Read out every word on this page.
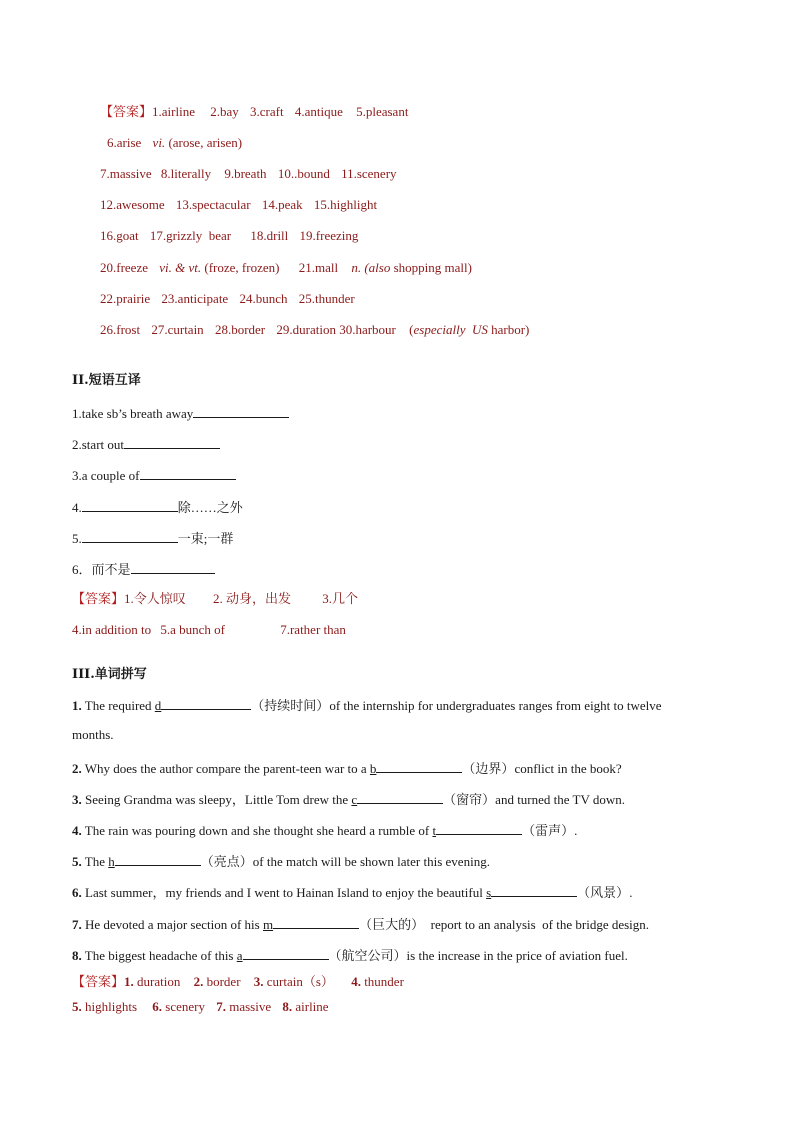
【答案】1.airline 2.bay 3.craft 4.antique 5.pleasant
6.arise vi. (arose, arisen)
7.massive 8.literally 9.breath 10..bound 11.scenery
12.awesome 13.spectacular 14.peak 15.highlight
16.goat 17.grizzly  bear 18.drill 19.freezing
20.freeze vi. & vt. (froze, frozen) 21.mall n. (also shopping mall)
22.prairie 23.anticipate 24.bunch 25.thunder
26.frost 27.curtain 28.border 29.duration 30.harbour (especially  US harbor)
II.短语互译
1.take sb’s breath away
2.start out
3.a couple of
4.	除……之外
5.	一束;一群
6．而不是
【答案】1.令人惊叹 2. 动身，出发 3.几个
4.in addition to 5.a bunch of	7.rather than
III.单词拼写
1. The required d	（持续时间）of the internship for undergraduates ranges from eight to twelve
months.
2. Why does the author compare the parent-teen war to a b	（边界）conflict in the book?
3. Seeing Grandma was sleepy，Little Tom drew the c	（窗帘）and turned the TV down.
4. The rain was pouring down and she thought she heard a rumble of t	（雷声）.
5. The h	（亮点）of the match will be shown later this evening.
6. Last summer，my friends and I went to Hainan Island to enjoy the beautiful s	（风景）.
7. He devoted a major section of his m	（巨大的）  report to an analysis  of the bridge design.
8. The biggest headache of this a	（航空公司）is the increase in the price of aviation fuel.
【答案】1. duration 2. border 3. curtain（s） 4. thunder
5. highlights 6. scenery 7. massive 8. airline
